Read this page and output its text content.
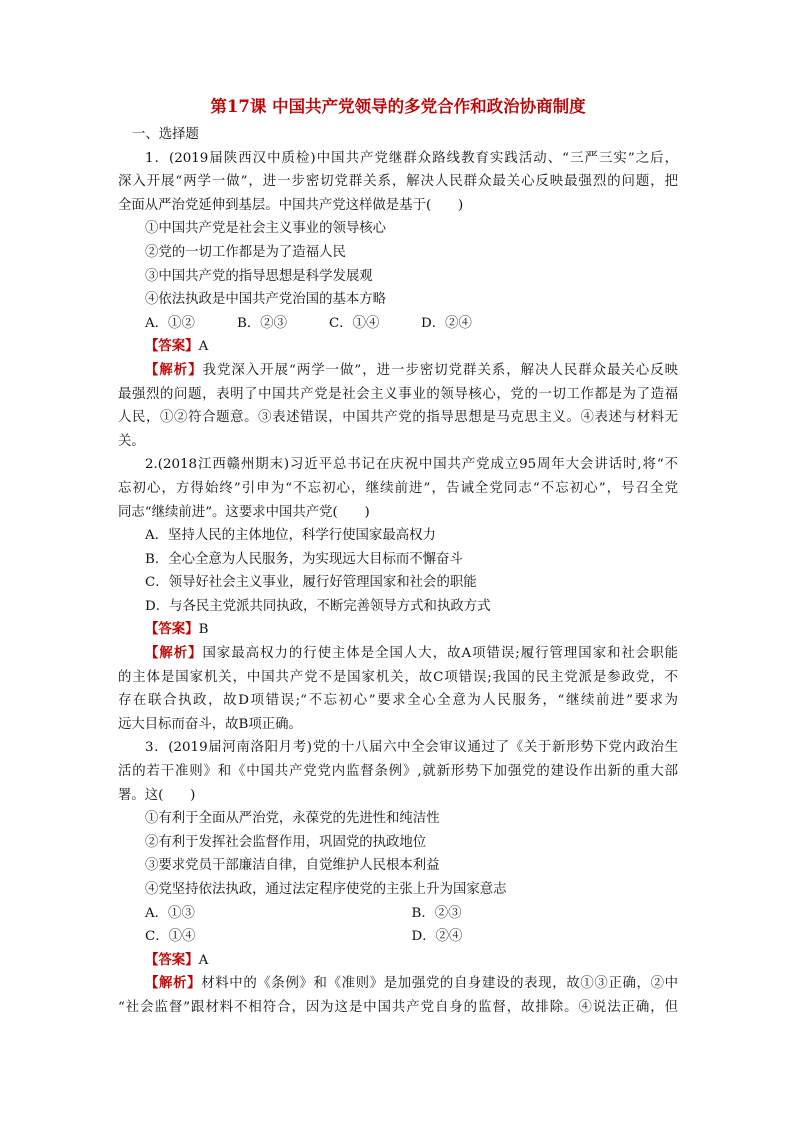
第17课 中国共产党领导的多党合作和政治协商制度
一、选择题
1．(2019届陕西汉中质检)中国共产党继群众路线教育实践活动、“三严三实”之后，
深入开展“两学一做”，进一步密切党群关系，解决人民群众最关心反映最强烈的问题，把
全面从严治党延伸到基层。中国共产党这样做是基于(　　)
①中国共产党是社会主义事业的领导核心
②党的一切工作都是为了造福人民
③中国共产党的指导思想是科学发展观
④依法执政是中国共产党治国的基本方略
A．①②	B．②③	C．①④	D．②④
【答案】A
【解析】我党深入开展“两学一做”，进一步密切党群关系，解决人民群众最关心反映
最强烈的问题，表明了中国共产党是社会主义事业的领导核心，党的一切工作都是为了造福
人民，①②符合题意。③表述错误，中国共产党的指导思想是马克思主义。④表述与材料无
关。
2.(2018江西赣州期末)习近平总书记在庆祝中国共产党成立95周年大会讲话时,将“不
忘初心，方得始终”引申为“不忘初心，继续前进”，告诫全党同志“不忘初心”，号召全党
同志“继续前进”。这要求中国共产党(　　)
A．坚持人民的主体地位，科学行使国家最高权力
B．全心全意为人民服务，为实现远大目标而不懈奋斗
C．领导好社会主义事业，履行好管理国家和社会的职能
D．与各民主党派共同执政，不断完善领导方式和执政方式
【答案】B
【解析】国家最高权力的行使主体是全国人大，故A项错误;履行管理国家和社会职能
的主体是国家机关，中国共产党不是国家机关，故C项错误;我国的民主党派是参政党，不
存在联合执政，故D项错误;“不忘初心”要求全心全意为人民服务，“继续前进”要求为
远大目标而奋斗，故B项正确。
3．(2019届河南洛阳月考)党的十八届六中全会审议通过了《关于新形势下党内政治生
活的若干准则》和《中国共产党党内监督条例》,就新形势下加强党的建设作出新的重大部
署。这(　　)
①有利于全面从严治党，永葆党的先进性和纯洁性
②有利于发挥社会监督作用，巩固党的执政地位
③要求党员干部廉洁自律，自觉维护人民根本利益
④党坚持依法执政，通过法定程序使党的主张上升为国家意志
A．①③	B．②③
C．①④	D．②④
【答案】A
【解析】材料中的《条例》和《准则》是加强党的自身建设的表现，故①③正确，②中
“社会监督”跟材料不相符合，因为这是中国共产党自身的监督，故排除。④说法正确，但
